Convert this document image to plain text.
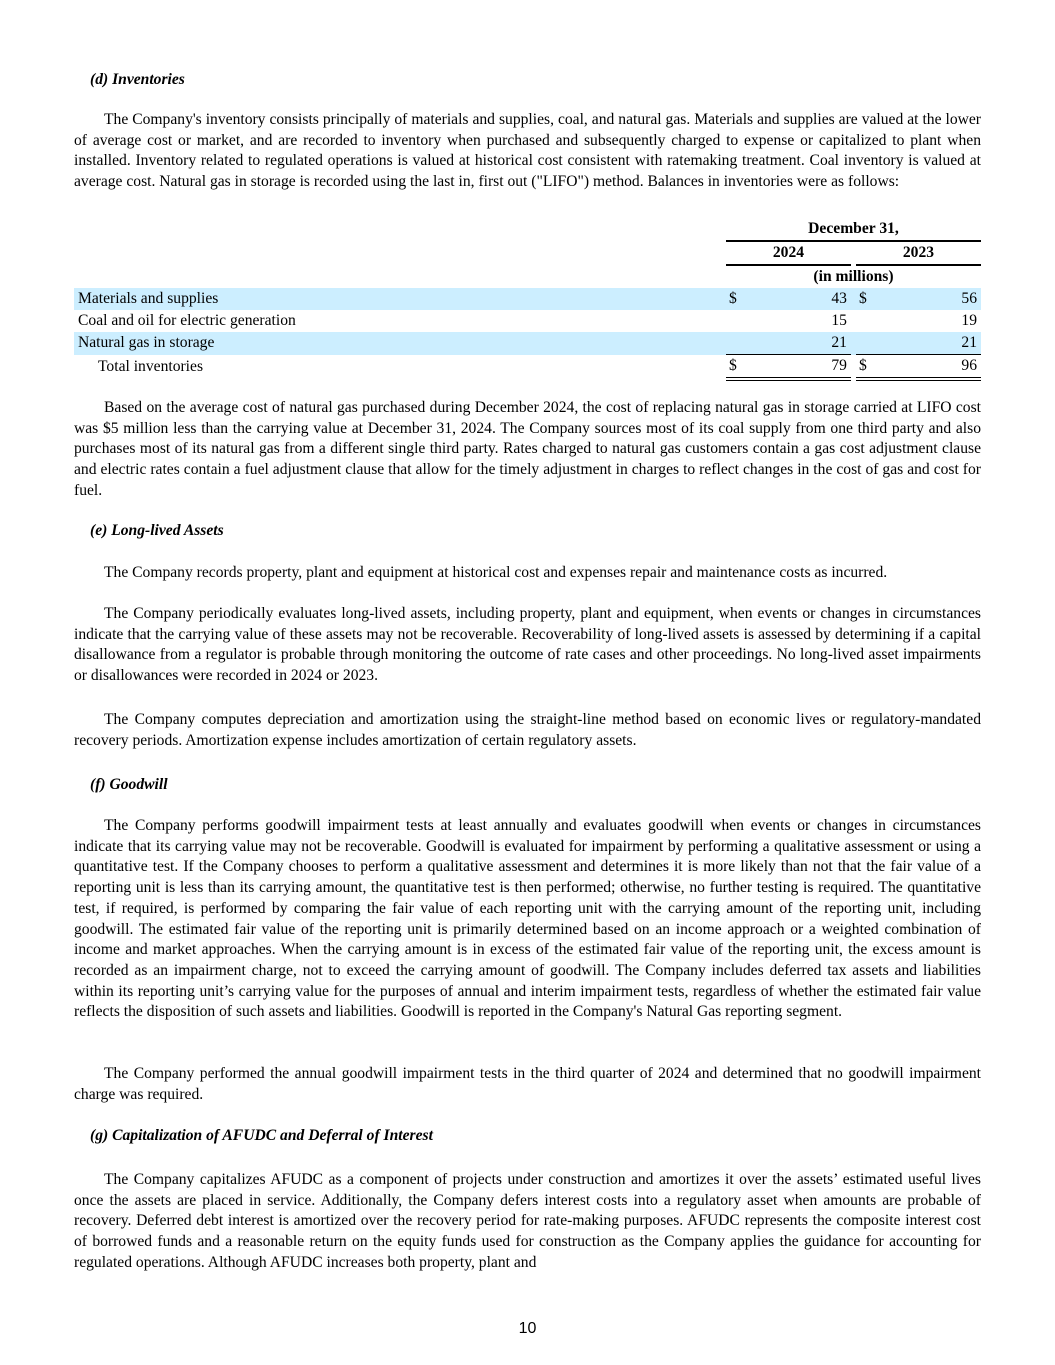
(d) Inventories
The Company's inventory consists principally of materials and supplies, coal, and natural gas. Materials and supplies are valued at the lower of average cost or market, and are recorded to inventory when purchased and subsequently charged to expense or capitalized to plant when installed. Inventory related to regulated operations is valued at historical cost consistent with ratemaking treatment. Coal inventory is valued at average cost. Natural gas in storage is recorded using the last in, first out ("LIFO") method. Balances in inventories were as follows:
	December 31,				
	2024			2023	
	(in millions)				
Materials and supplies	$	43		$	56
Coal and oil for electric generation		15			19
Natural gas in storage		21			21
Total inventories	$	79		$	96
Based on the average cost of natural gas purchased during December 2024, the cost of replacing natural gas in storage carried at LIFO cost was $5 million less than the carrying value at December 31, 2024. The Company sources most of its coal supply from one third party and also purchases most of its natural gas from a different single third party. Rates charged to natural gas customers contain a gas cost adjustment clause and electric rates contain a fuel adjustment clause that allow for the timely adjustment in charges to reflect changes in the cost of gas and cost for fuel.
(e) Long-lived Assets
The Company records property, plant and equipment at historical cost and expenses repair and maintenance costs as incurred.
The Company periodically evaluates long-lived assets, including property, plant and equipment, when events or changes in circumstances indicate that the carrying value of these assets may not be recoverable. Recoverability of long-lived assets is assessed by determining if a capital disallowance from a regulator is probable through monitoring the outcome of rate cases and other proceedings. No long-lived asset impairments or disallowances were recorded in 2024 or 2023.
The Company computes depreciation and amortization using the straight-line method based on economic lives or regulatory-mandated recovery periods. Amortization expense includes amortization of certain regulatory assets.
(f) Goodwill
The Company performs goodwill impairment tests at least annually and evaluates goodwill when events or changes in circumstances indicate that its carrying value may not be recoverable. Goodwill is evaluated for impairment by performing a qualitative assessment or using a quantitative test. If the Company chooses to perform a qualitative assessment and determines it is more likely than not that the fair value of a reporting unit is less than its carrying amount, the quantitative test is then performed; otherwise, no further testing is required. The quantitative test, if required, is performed by comparing the fair value of each reporting unit with the carrying amount of the reporting unit, including goodwill. The estimated fair value of the reporting unit is primarily determined based on an income approach or a weighted combination of income and market approaches. When the carrying amount is in excess of the estimated fair value of the reporting unit, the excess amount is recorded as an impairment charge, not to exceed the carrying amount of goodwill. The Company includes deferred tax assets and liabilities within its reporting unit’s carrying value for the purposes of annual and interim impairment tests, regardless of whether the estimated fair value reflects the disposition of such assets and liabilities. Goodwill is reported in the Company's Natural Gas reporting segment.
The Company performed the annual goodwill impairment tests in the third quarter of 2024 and determined that no goodwill impairment charge was required.
(g) Capitalization of AFUDC and Deferral of Interest
The Company capitalizes AFUDC as a component of projects under construction and amortizes it over the assets’ estimated useful lives once the assets are placed in service. Additionally, the Company defers interest costs into a regulatory asset when amounts are probable of recovery. Deferred debt interest is amortized over the recovery period for rate-making purposes. AFUDC represents the composite interest cost of borrowed funds and a reasonable return on the equity funds used for construction as the Company applies the guidance for accounting for regulated operations. Although AFUDC increases both property, plant and
10
